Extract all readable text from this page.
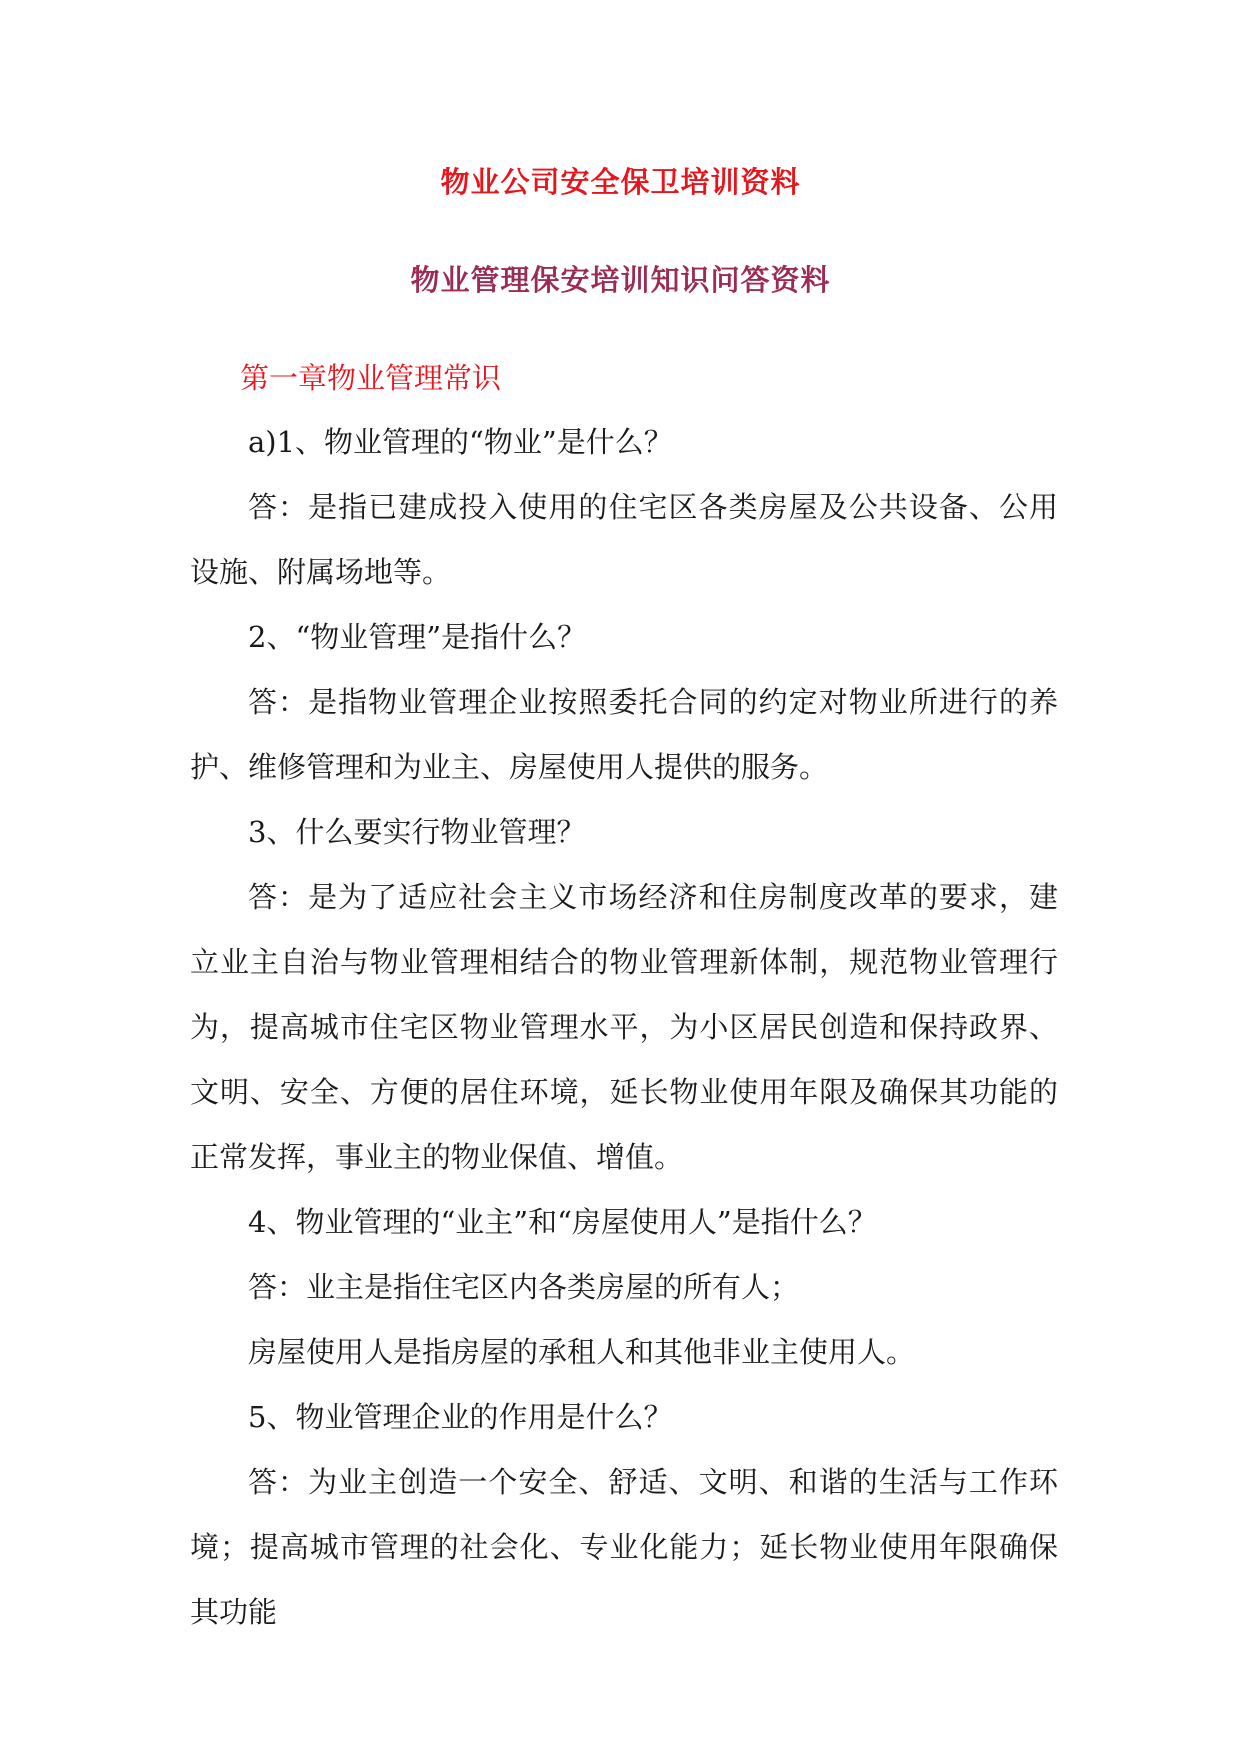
物业公司安全保卫培训资料
物业管理保安培训知识问答资料
第一章物业管理常识

a)1、物业管理的“物业”是什么？

答：是指已建成投入使用的住宅区各类房屋及公共设备、公用设施、附属场地等。

2、“物业管理”是指什么？

答：是指物业管理企业按照委托合同的约定对物业所进行的养护、维修管理和为业主、房屋使用人提供的服务。

3、什么要实行物业管理？

答：是为了适应社会主义市场经济和住房制度改革的要求，建立业主自治与物业管理相结合的物业管理新体制，规范物业管理行为，提高城市住宅区物业管理水平，为小区居民创造和保持政界、文明、安全、方便的居住环境，延长物业使用年限及确保其功能的正常发挥，事业主的物业保值、增值。

4、物业管理的“业主”和“房屋使用人”是指什么？

答：业主是指住宅区内各类房屋的所有人；

房屋使用人是指房屋的承租人和其他非业主使用人。

5、物业管理企业的作用是什么？

答：为业主创造一个安全、舒适、文明、和谐的生活与工作环境；提高城市管理的社会化、专业化能力；延长物业使用年限确保其功能
